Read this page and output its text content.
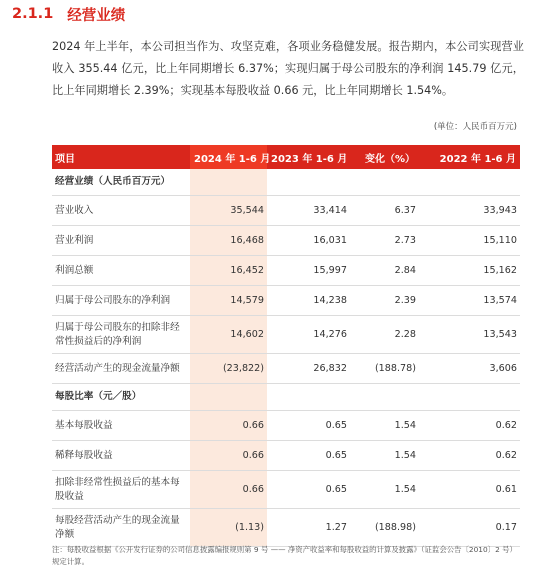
2.1.1 经营业绩

2024 年上半年，本公司担当作为、攻坚克难，各项业务稳健发展。报告期内，本公司实现营业收入 355.44 亿元，比上年同期增长 6.37%；实现归属于母公司股东的净利润 145.79 亿元，比上年同期增长 2.39%；实现基本每股收益 0.66 元，比上年同期增长 1.54%。

(单位：人民币百万元)
项目	2024 年 1-6 月	2023 年 1-6 月	变化（%）	2022 年 1-6 月
经营业绩（人民币百万元）				
营业收入	35,544	33,414	6.37	33,943
营业利润	16,468	16,031	2.73	15,110
利润总额	16,452	15,997	2.84	15,162
归属于母公司股东的净利润	14,579	14,238	2.39	13,574
归属于母公司股东的扣除非经常性损益后的净利润	14,602	14,276	2.28	13,543
经营活动产生的现金流量净额	(23,822)	26,832	(188.78)	3,606
每股比率（元／股）				
基本每股收益	0.66	0.65	1.54	0.62
稀释每股收益	0.66	0.65	1.54	0.62
扣除非经常性损益后的基本每股收益	0.66	0.65	1.54	0.61
每股经营活动产生的现金流量净额	(1.13)	1.27	(188.98)	0.17
注：每股收益根据《公开发行证券的公司信息披露编报规则第 9 号 —— 净资产收益率和每股收益的计算及披露》（证监会公告〔2010〕2 号）规定计算。
